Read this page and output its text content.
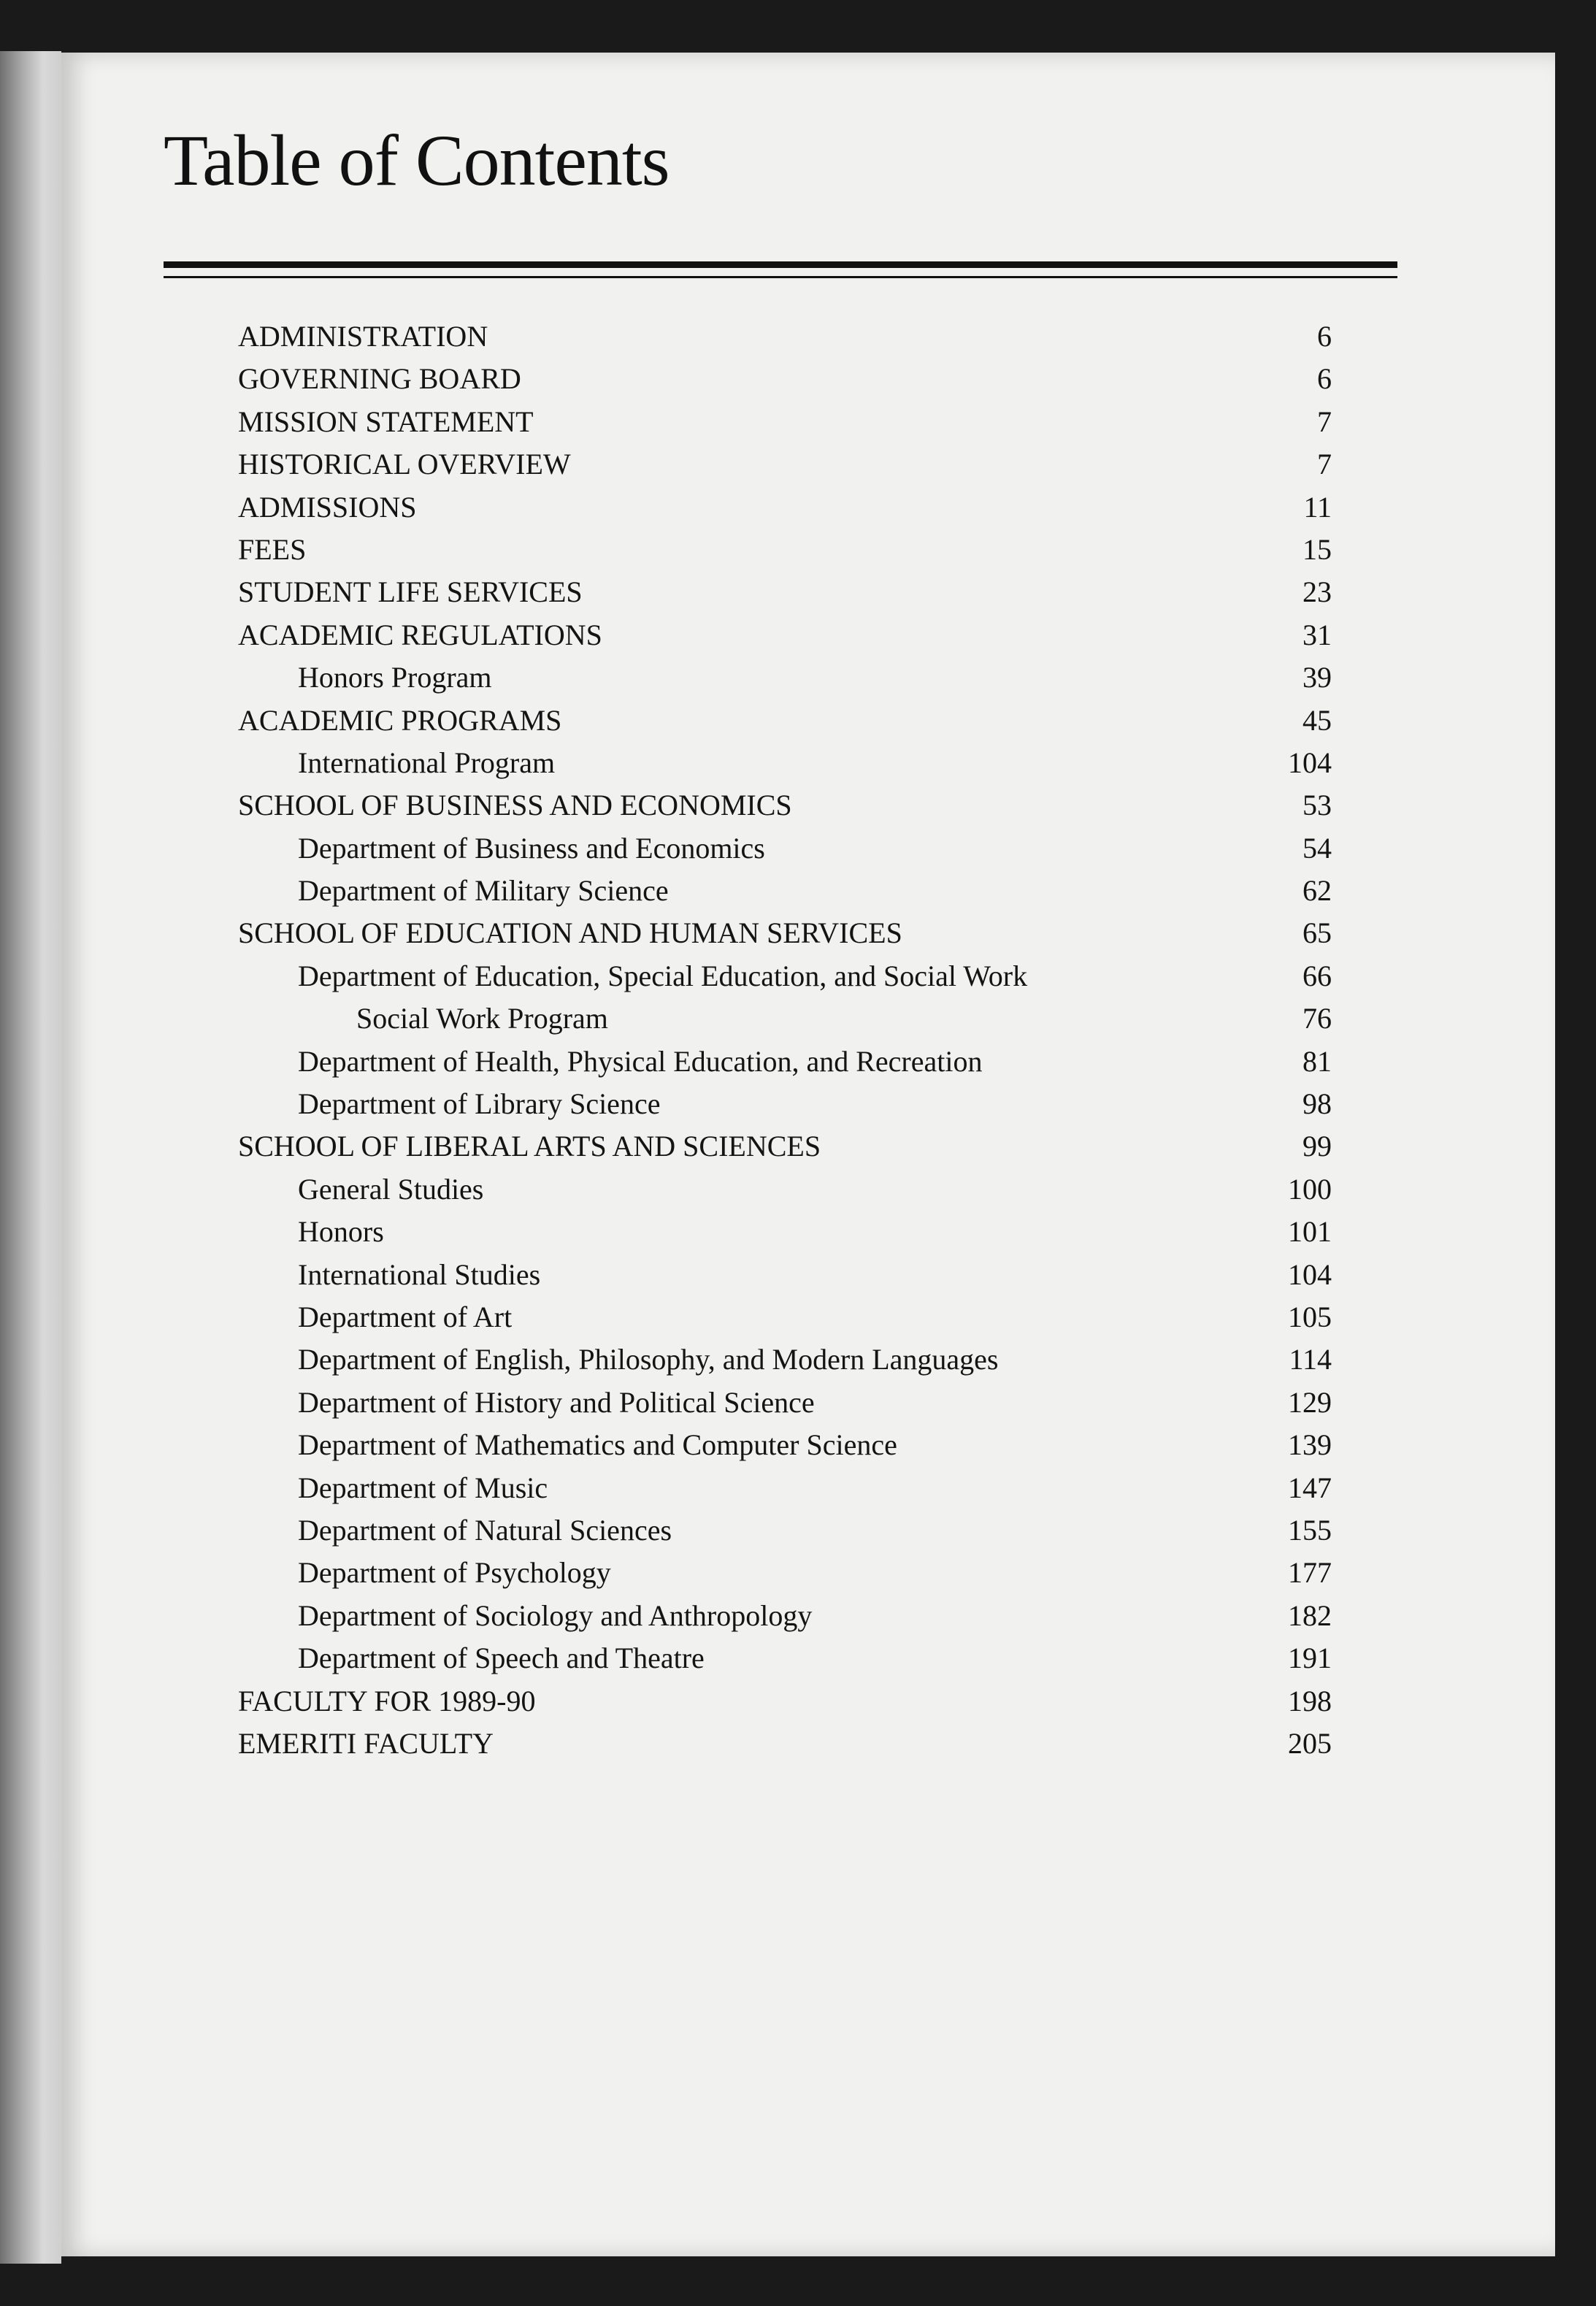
Table of Contents
ADMINISTRATION	6
GOVERNING BOARD	6
MISSION STATEMENT	7
HISTORICAL OVERVIEW	7
ADMISSIONS	11
FEES	15
STUDENT LIFE SERVICES	23
ACADEMIC REGULATIONS	31
Honors Program	39
ACADEMIC PROGRAMS	45
International Program	104
SCHOOL OF BUSINESS AND ECONOMICS	53
Department of Business and Economics	54
Department of Military Science	62
SCHOOL OF EDUCATION AND HUMAN SERVICES	65
Department of Education, Special Education, and Social Work	66
Social Work Program	76
Department of Health, Physical Education, and Recreation	81
Department of Library Science	98
SCHOOL OF LIBERAL ARTS AND SCIENCES	99
General Studies	100
Honors	101
International Studies	104
Department of Art	105
Department of English, Philosophy, and Modern Languages	114
Department of History and Political Science	129
Department of Mathematics and Computer Science	139
Department of Music	147
Department of Natural Sciences	155
Department of Psychology	177
Department of Sociology and Anthropology	182
Department of Speech and Theatre	191
FACULTY FOR 1989-90	198
EMERITI FACULTY	205
